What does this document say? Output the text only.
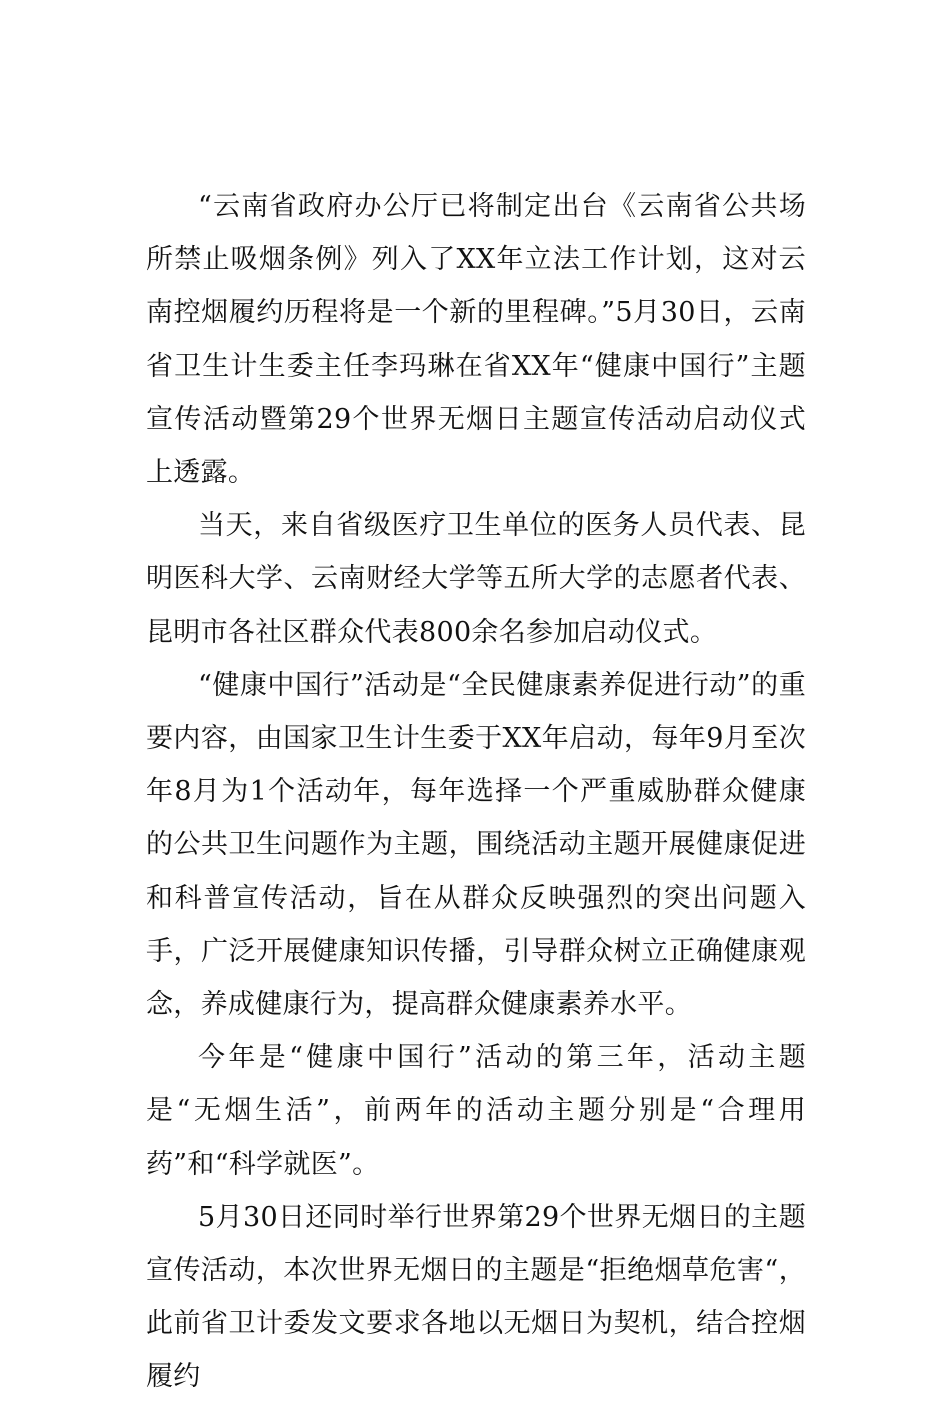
“云南省政府办公厅已将制定出台《云南省公共场所禁止吸烟条例》列入了XX年立法工作计划，这对云南控烟履约历程将是一个新的里程碑。”5月30日，云南省卫生计生委主任李玛琳在省XX年“健康中国行”主题宣传活动暨第29个世界无烟日主题宣传活动启动仪式上透露。

当天，来自省级医疗卫生单位的医务人员代表、昆明医科大学、云南财经大学等五所大学的志愿者代表、昆明市各社区群众代表800余名参加启动仪式。

“健康中国行”活动是“全民健康素养促进行动”的重要内容，由国家卫生计生委于XX年启动，每年9月至次年8月为1个活动年，每年选择一个严重威胁群众健康的公共卫生问题作为主题，围绕活动主题开展健康促进和科普宣传活动，旨在从群众反映强烈的突出问题入手，广泛开展健康知识传播，引导群众树立正确健康观念，养成健康行为，提高群众健康素养水平。

今年是“健康中国行”活动的第三年，活动主题是“无烟生活”，前两年的活动主题分别是“合理用药”和“科学就医”。

5月30日还同时举行世界第29个世界无烟日的主题宣传活动，本次世界无烟日的主题是“拒绝烟草危害“，此前省卫计委发文要求各地以无烟日为契机，结合控烟履约
